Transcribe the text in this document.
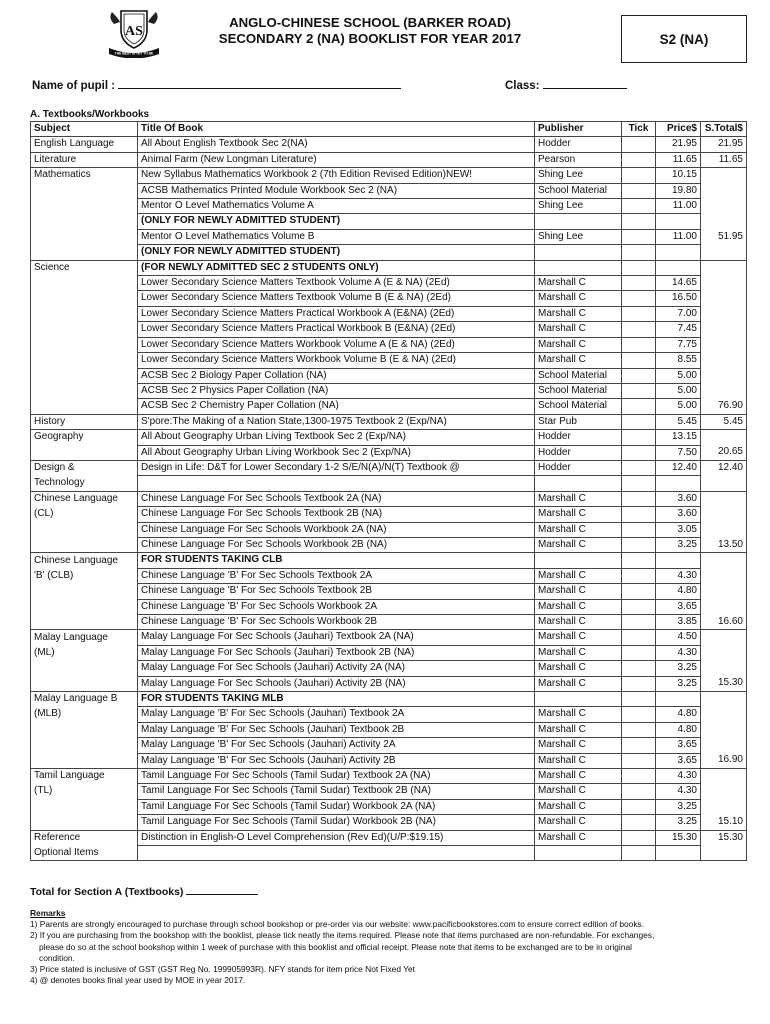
AS
THE BEST IS YET TO BE
ANGLO-CHINESE SCHOOL (BARKER ROAD)
SECONDARY 2 (NA) BOOKLIST FOR YEAR 2017	S2 (NA)
Name of pupil :	Class:
A. Textbooks/Workbooks
Subject	Title Of Book	Publisher	Tick	Price$	S.Total$
English Language	All About English Textbook Sec 2(NA)	Hodder		21.95	21.95
Literature	Animal Farm (New Longman Literature)	Pearson		11.65	11.65
Mathematics	New Syllabus Mathematics Workbook 2 (7th Edition Revised Edition)NEW!	Shing Lee		10.15	
	ACSB Mathematics Printed Module Workbook Sec 2 (NA)	School Material		19.80	
	Mentor O Level Mathematics Volume A	Shing Lee		11.00	
	(ONLY FOR NEWLY ADMITTED STUDENT)				
	Mentor O Level Mathematics Volume B	Shing Lee		11.00	51.95
	(ONLY FOR NEWLY ADMITTED STUDENT)				
Science	(FOR NEWLY ADMITTED SEC 2 STUDENTS ONLY)				
	Lower Secondary Science Matters Textbook Volume A (E & NA) (2Ed)	Marshall C		14.65	
	Lower Secondary Science Matters Textbook Volume B (E & NA) (2Ed)	Marshall C		16.50	
	Lower Secondary Science Matters Practical Workbook A (E&NA) (2Ed)	Marshall C		7.00	
	Lower Secondary Science Matters Practical Workbook B (E&NA) (2Ed)	Marshall C		7.45	
	Lower Secondary Science Matters Workbook Volume A (E & NA) (2Ed)	Marshall C		7.75	
	Lower Secondary Science Matters Workbook Volume B (E & NA) (2Ed)	Marshall C		8.55	
	ACSB Sec 2 Biology Paper Collation (NA)	School Material		5.00	
	ACSB Sec 2 Physics Paper Collation (NA)	School Material		5.00	
	ACSB Sec 2 Chemistry Paper Collation (NA)	School Material		5.00	76.90
History	S'pore:The Making of a Nation State,1300-1975 Textbook 2 (Exp/NA)	Star Pub		5.45	5.45
Geography	All About Geography Urban Living Textbook Sec 2 (Exp/NA)	Hodder		13.15	
	All About Geography Urban Living Workbook Sec 2 (Exp/NA)	Hodder		7.50	20.65
Design &	Design in Life: D&T for Lower Secondary 1-2 S/E/N(A)/N(T) Textbook @	Hodder		12.40	12.40
Technology					
Chinese Language	Chinese Language For Sec Schools Textbook 2A (NA)	Marshall C		3.60	
(CL)	Chinese Language For Sec Schools Textbook 2B (NA)	Marshall C		3.60	
	Chinese Language For Sec Schools Workbook 2A (NA)	Marshall C		3.05	
	Chinese Language For Sec Schools Workbook 2B (NA)	Marshall C		3.25	13.50
Chinese Language	FOR STUDENTS TAKING CLB				
'B' (CLB)	Chinese Language 'B' For Sec Schools Textbook 2A	Marshall C		4.30	
	Chinese Language 'B' For Sec Schools Textbook 2B	Marshall C		4.80	
	Chinese Language 'B' For Sec Schools Workbook 2A	Marshall C		3.65	
	Chinese Language 'B' For Sec Schools Workbook 2B	Marshall C		3.85	16.60
Malay Language	Malay Language For Sec Schools (Jauhari) Textbook 2A (NA)	Marshall C		4.50	
(ML)	Malay Language For Sec Schools (Jauhari) Textbook 2B (NA)	Marshall C		4.30	
	Malay Language For Sec Schools (Jauhari) Activity 2A (NA)	Marshall C		3.25	
	Malay Language For Sec Schools (Jauhari) Activity 2B (NA)	Marshall C		3.25	15.30
Malay Language B	FOR STUDENTS TAKING MLB				
(MLB)	Malay Language 'B' For Sec Schools (Jauhari) Textbook 2A	Marshall C		4.80	
	Malay Language 'B' For Sec Schools (Jauhari) Textbook 2B	Marshall C		4.80	
	Malay Language 'B' For Sec Schools (Jauhari) Activity 2A	Marshall C		3.65	
	Malay Language 'B' For Sec Schools (Jauhari) Activity 2B	Marshall C		3.65	16.90
Tamil Language	Tamil Language For Sec Schools (Tamil Sudar) Textbook 2A (NA)	Marshall C		4.30	
(TL)	Tamil Language For Sec Schools (Tamil Sudar) Textbook 2B (NA)	Marshall C		4.30	
	Tamil Language For Sec Schools (Tamil Sudar) Workbook 2A (NA)	Marshall C		3.25	
	Tamil Language For Sec Schools (Tamil Sudar) Workbook 2B (NA)	Marshall C		3.25	15.10
Reference	Distinction in English-O Level Comprehension (Rev Ed)(U/P:$19.15)	Marshall C		15.30	15.30
Optional Items					
Total for Section A (Textbooks)
Remarks
1) Parents are strongly encouraged to purchase through school bookshop or pre-order via our website: www.pacificbookstores.com to ensure correct edition of books.
2) If you are purchasing from the bookshop with the booklist, please tick neatly the items required. Please note that items purchased are non-refundable. For exchanges,
please do so at the school bookshop within 1 week of purchase with this booklist and official receipt. Please note that items to be exchanged are to be in original
condition.
3) Price stated is inclusive of GST (GST Reg No. 199905993R). NFY stands for item price Not Fixed Yet
4) @ denotes books final year used by MOE in year 2017.
